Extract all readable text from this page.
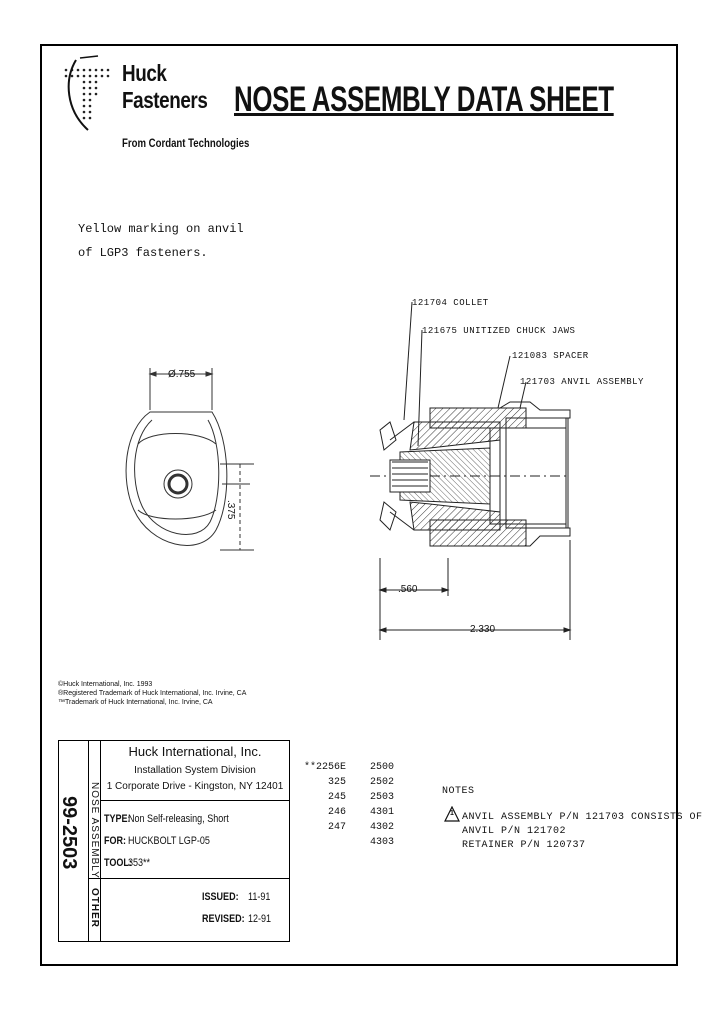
Huck
Fasteners
From Cordant Technologies
NOSE ASSEMBLY DATA SHEET
Yellow marking on anvil
of LGP3 fasteners.
Ø.755
.375
121704 COLLET
121675 UNITIZED CHUCK JAWS
121083 SPACER
121703 ANVIL ASSEMBLY
.560
2.330
©Huck International, Inc. 1993
®Registered Trademark of Huck International, Inc. Irvine, CA
™Trademark of Huck International, Inc. Irvine, CA
99-2503 NOSE ASSEMBLY
OTHER
Huck International, Inc.
Installation System Division
1 Corporate Drive - Kingston, NY 12401
TYPE:
Non Self-releasing, Short
FOR: HUCKBOLT LGP-05
TOOL:
353**
ISSUED: 11-91
REVISED: 12-91
**2256E
325
245
246
247
2500
2502
2503
4301
4302
4303
NOTES
1 ANVIL ASSEMBLY P/N 121703 CONSISTS OF
ANVIL P/N 121702
RETAINER P/N 120737
